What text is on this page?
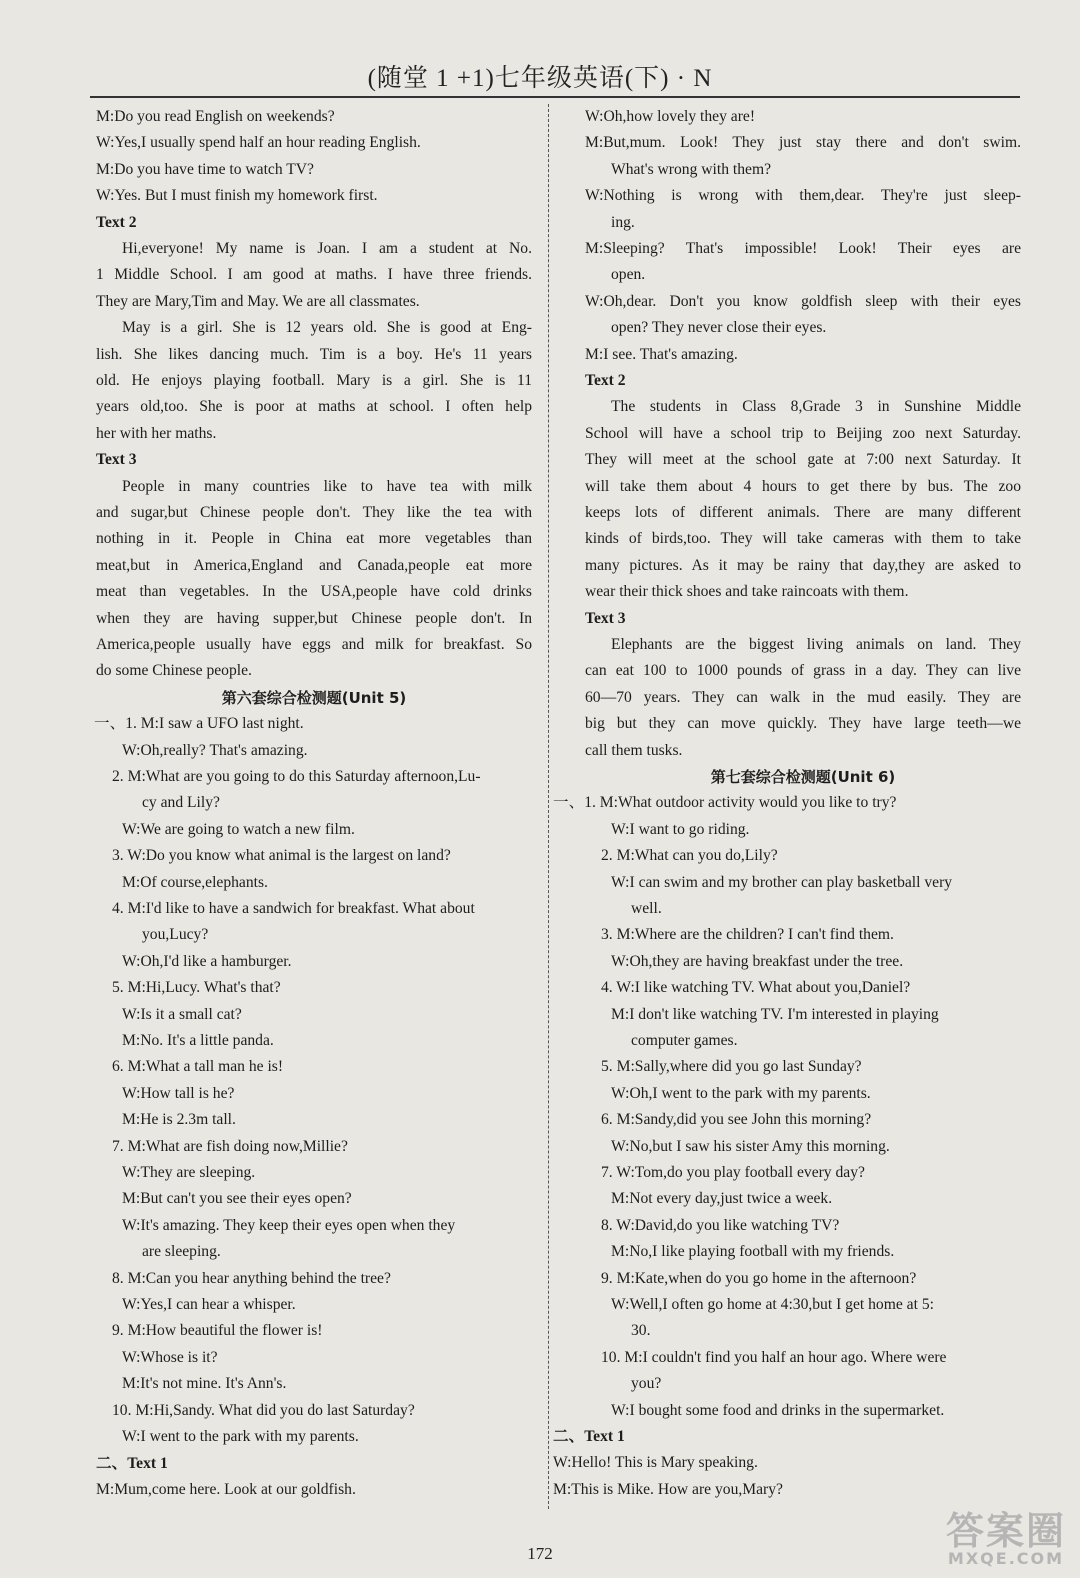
(随堂 1 +1)七年级英语(下) · N
M:Do you read English on weekends?
W:Yes,I usually spend half an hour reading English.
M:Do you have time to watch TV?
W:Yes. But I must finish my homework first.
Text 2
Hi,everyone! My name is Joan. I am a student at No.
1 Middle School. I am good at maths. I have three friends.
They are Mary,Tim and May. We are all classmates.
May is a girl. She is 12 years old. She is good at Eng-
lish. She likes dancing much. Tim is a boy. He's 11 years
old. He enjoys playing football. Mary is a girl. She is 11
years old,too. She is poor at maths at school. I often help
her with her maths.
Text 3
People in many countries like to have tea with milk
and sugar,but Chinese people don't. They like the tea with
nothing in it. People in China eat more vegetables than
meat,but in America,England and Canada,people eat more
meat than vegetables. In the USA,people have cold drinks
when they are having supper,but Chinese people don't. In
America,people usually have eggs and milk for breakfast. So
do some Chinese people.
第六套综合检测题(Unit 5)
一、1. M:I saw a UFO last night.
W:Oh,really? That's amazing.
2. M:What are you going to do this Saturday afternoon,Lu-
cy and Lily?
W:We are going to watch a new film.
3. W:Do you know what animal is the largest on land?
M:Of course,elephants.
4. M:I'd like to have a sandwich for breakfast. What about
you,Lucy?
W:Oh,I'd like a hamburger.
5. M:Hi,Lucy. What's that?
W:Is it a small cat?
M:No. It's a little panda.
6. M:What a tall man he is!
W:How tall is he?
M:He is 2.3m tall.
7. M:What are fish doing now,Millie?
W:They are sleeping.
M:But can't you see their eyes open?
W:It's amazing. They keep their eyes open when they
are sleeping.
8. M:Can you hear anything behind the tree?
W:Yes,I can hear a whisper.
9. M:How beautiful the flower is!
W:Whose is it?
M:It's not mine. It's Ann's.
10. M:Hi,Sandy. What did you do last Saturday?
W:I went to the park with my parents.
二、Text 1
M:Mum,come here. Look at our goldfish.
W:Oh,how lovely they are!
M:But,mum. Look! They just stay there and don't swim.
What's wrong with them?
W:Nothing is wrong with them,dear. They're just sleep-
ing.
M:Sleeping? That's impossible! Look! Their eyes are
open.
W:Oh,dear. Don't you know goldfish sleep with their eyes
open? They never close their eyes.
M:I see. That's amazing.
Text 2
The students in Class 8,Grade 3 in Sunshine Middle
School will have a school trip to Beijing zoo next Saturday.
They will meet at the school gate at 7:00 next Saturday. It
will take them about 4 hours to get there by bus. The zoo
keeps lots of different animals. There are many different
kinds of birds,too. They will take cameras with them to take
many pictures. As it may be rainy that day,they are asked to
wear their thick shoes and take raincoats with them.
Text 3
Elephants are the biggest living animals on land. They
can eat 100 to 1000 pounds of grass in a day. They can live
60—70 years. They can walk in the mud easily. They are
big but they can move quickly. They have large teeth—we
call them tusks.
第七套综合检测题(Unit 6)
一、1. M:What outdoor activity would you like to try?
W:I want to go riding.
2. M:What can you do,Lily?
W:I can swim and my brother can play basketball very
well.
3. M:Where are the children? I can't find them.
W:Oh,they are having breakfast under the tree.
4. W:I like watching TV. What about you,Daniel?
M:I don't like watching TV. I'm interested in playing
computer games.
5. M:Sally,where did you go last Sunday?
W:Oh,I went to the park with my parents.
6. M:Sandy,did you see John this morning?
W:No,but I saw his sister Amy this morning.
7. W:Tom,do you play football every day?
M:Not every day,just twice a week.
8. W:David,do you like watching TV?
M:No,I like playing football with my friends.
9. M:Kate,when do you go home in the afternoon?
W:Well,I often go home at 4:30,but I get home at 5:
30.
10. M:I couldn't find you half an hour ago. Where were
you?
W:I bought some food and drinks in the supermarket.
二、Text 1
W:Hello! This is Mary speaking.
M:This is Mike. How are you,Mary?
172
答案圈
MXQE.COM
